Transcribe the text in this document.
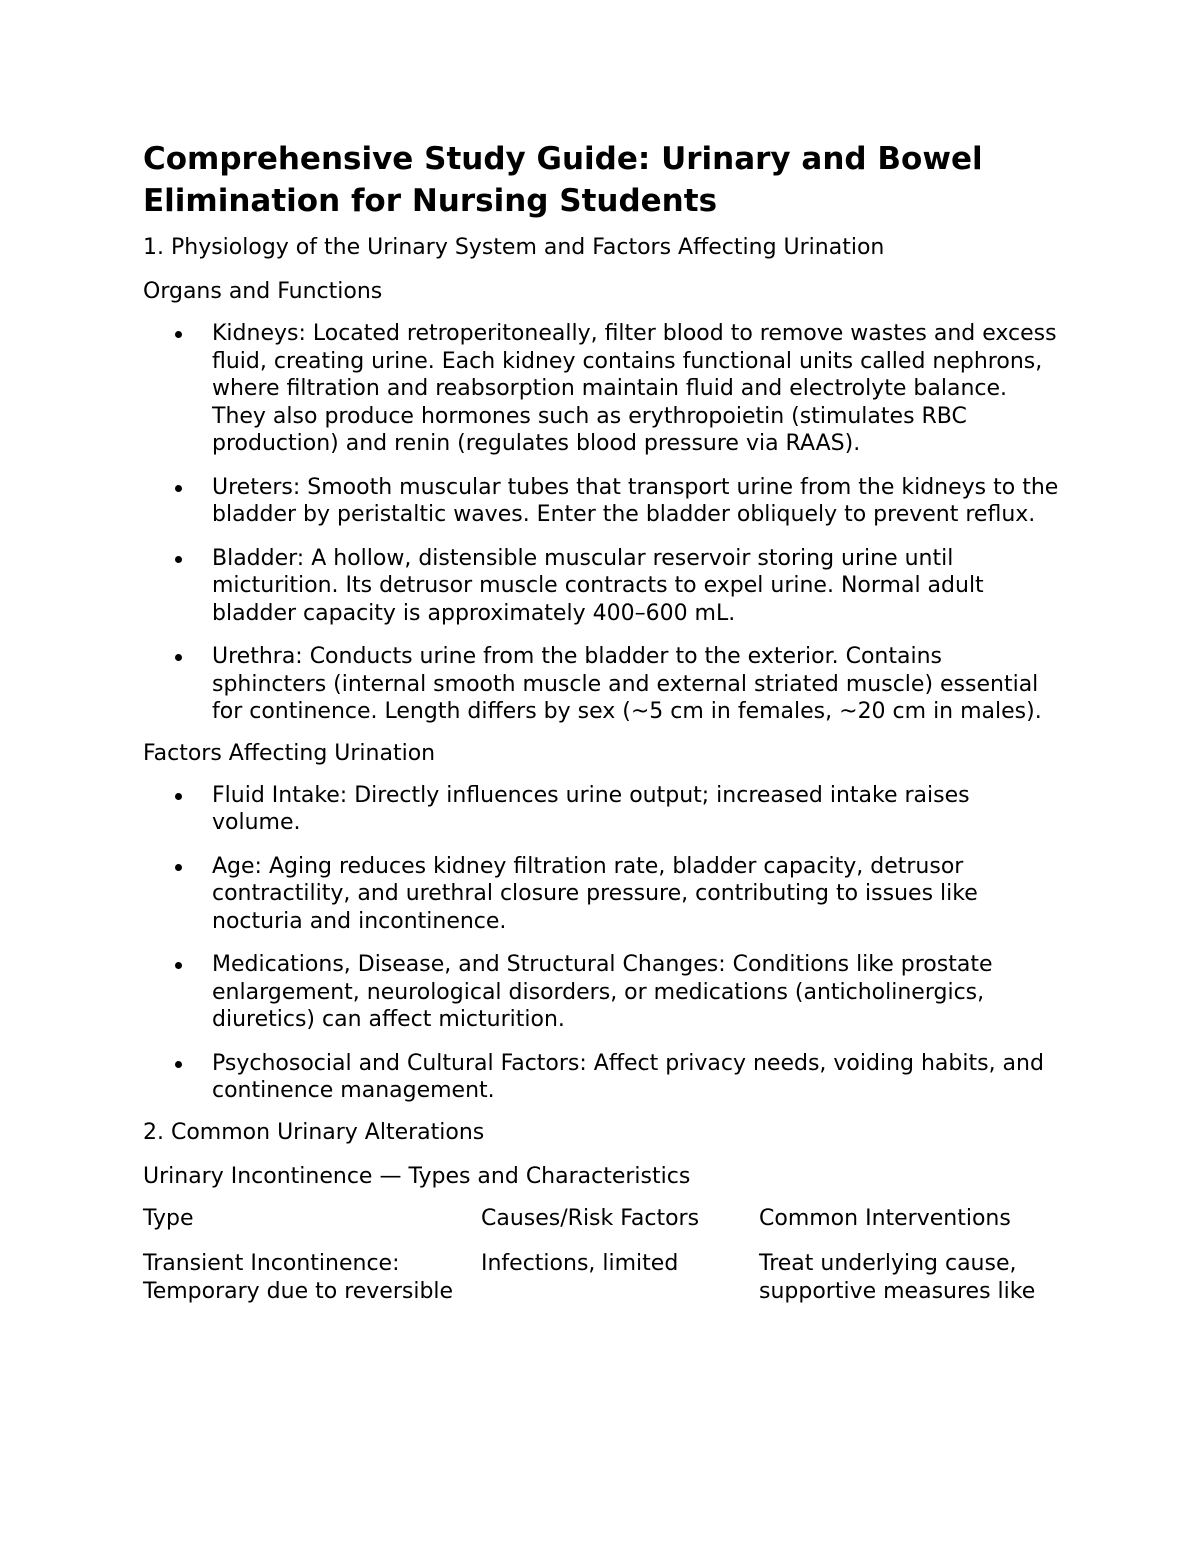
Comprehensive Study Guide: Urinary and Bowel Elimination for Nursing Students
1. Physiology of the Urinary System and Factors Affecting Urination
Organs and Functions
Kidneys: Located retroperitoneally, filter blood to remove wastes and excess fluid, creating urine. Each kidney contains functional units called nephrons, where filtration and reabsorption maintain fluid and electrolyte balance. They also produce hormones such as erythropoietin (stimulates RBC production) and renin (regulates blood pressure via RAAS).
Ureters: Smooth muscular tubes that transport urine from the kidneys to the bladder by peristaltic waves. Enter the bladder obliquely to prevent reflux.
Bladder: A hollow, distensible muscular reservoir storing urine until micturition. Its detrusor muscle contracts to expel urine. Normal adult bladder capacity is approximately 400–600 mL.
Urethra: Conducts urine from the bladder to the exterior. Contains sphincters (internal smooth muscle and external striated muscle) essential for continence. Length differs by sex (~5 cm in females, ~20 cm in males).
Factors Affecting Urination
Fluid Intake: Directly influences urine output; increased intake raises volume.
Age: Aging reduces kidney filtration rate, bladder capacity, detrusor contractility, and urethral closure pressure, contributing to issues like nocturia and incontinence.
Medications, Disease, and Structural Changes: Conditions like prostate enlargement, neurological disorders, or medications (anticholinergics, diuretics) can affect micturition.
Psychosocial and Cultural Factors: Affect privacy needs, voiding habits, and continence management.
2. Common Urinary Alterations
Urinary Incontinence — Types and Characteristics
Type	Causes/Risk Factors	Common Interventions
Transient Incontinence: Temporary due to reversible	Infections, limited	Treat underlying cause, supportive measures like
